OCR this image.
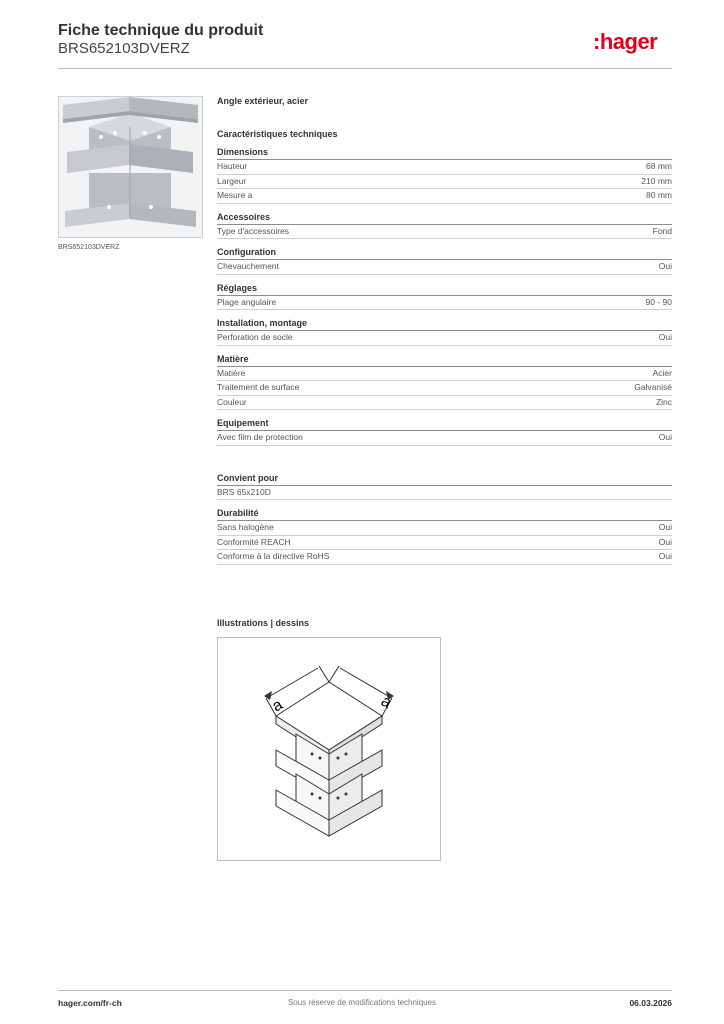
Fiche technique du produit
BRS652103DVERZ	:hager
BRS652103DVERZ
Angle extérieur, acier
Caractéristiques techniques
Dimensions
Hauteur	68 mm
Largeur	210 mm
Mesure a	80 mm
Accessoires
Type d'accessoires	Fond
Configuration
Chevauchement	Oui
Réglages
Plage angulaire	90 - 90
Installation, montage
Perforation de socle	Oui
Matière
Matière	Acier
Traitement de surface	Galvanisé
Couleur	Zinc
Equipement
Avec film de protection	Oui
Convient pour
BRS 65x210D
Durabilité
Sans halogène	Oui
Conformité REACH	Oui
Conforme à la directive RoHS	Oui
Illustrations | dessins
a	a
hager.com/fr-ch	Sous réserve de modifications techniques	06.03.2026
